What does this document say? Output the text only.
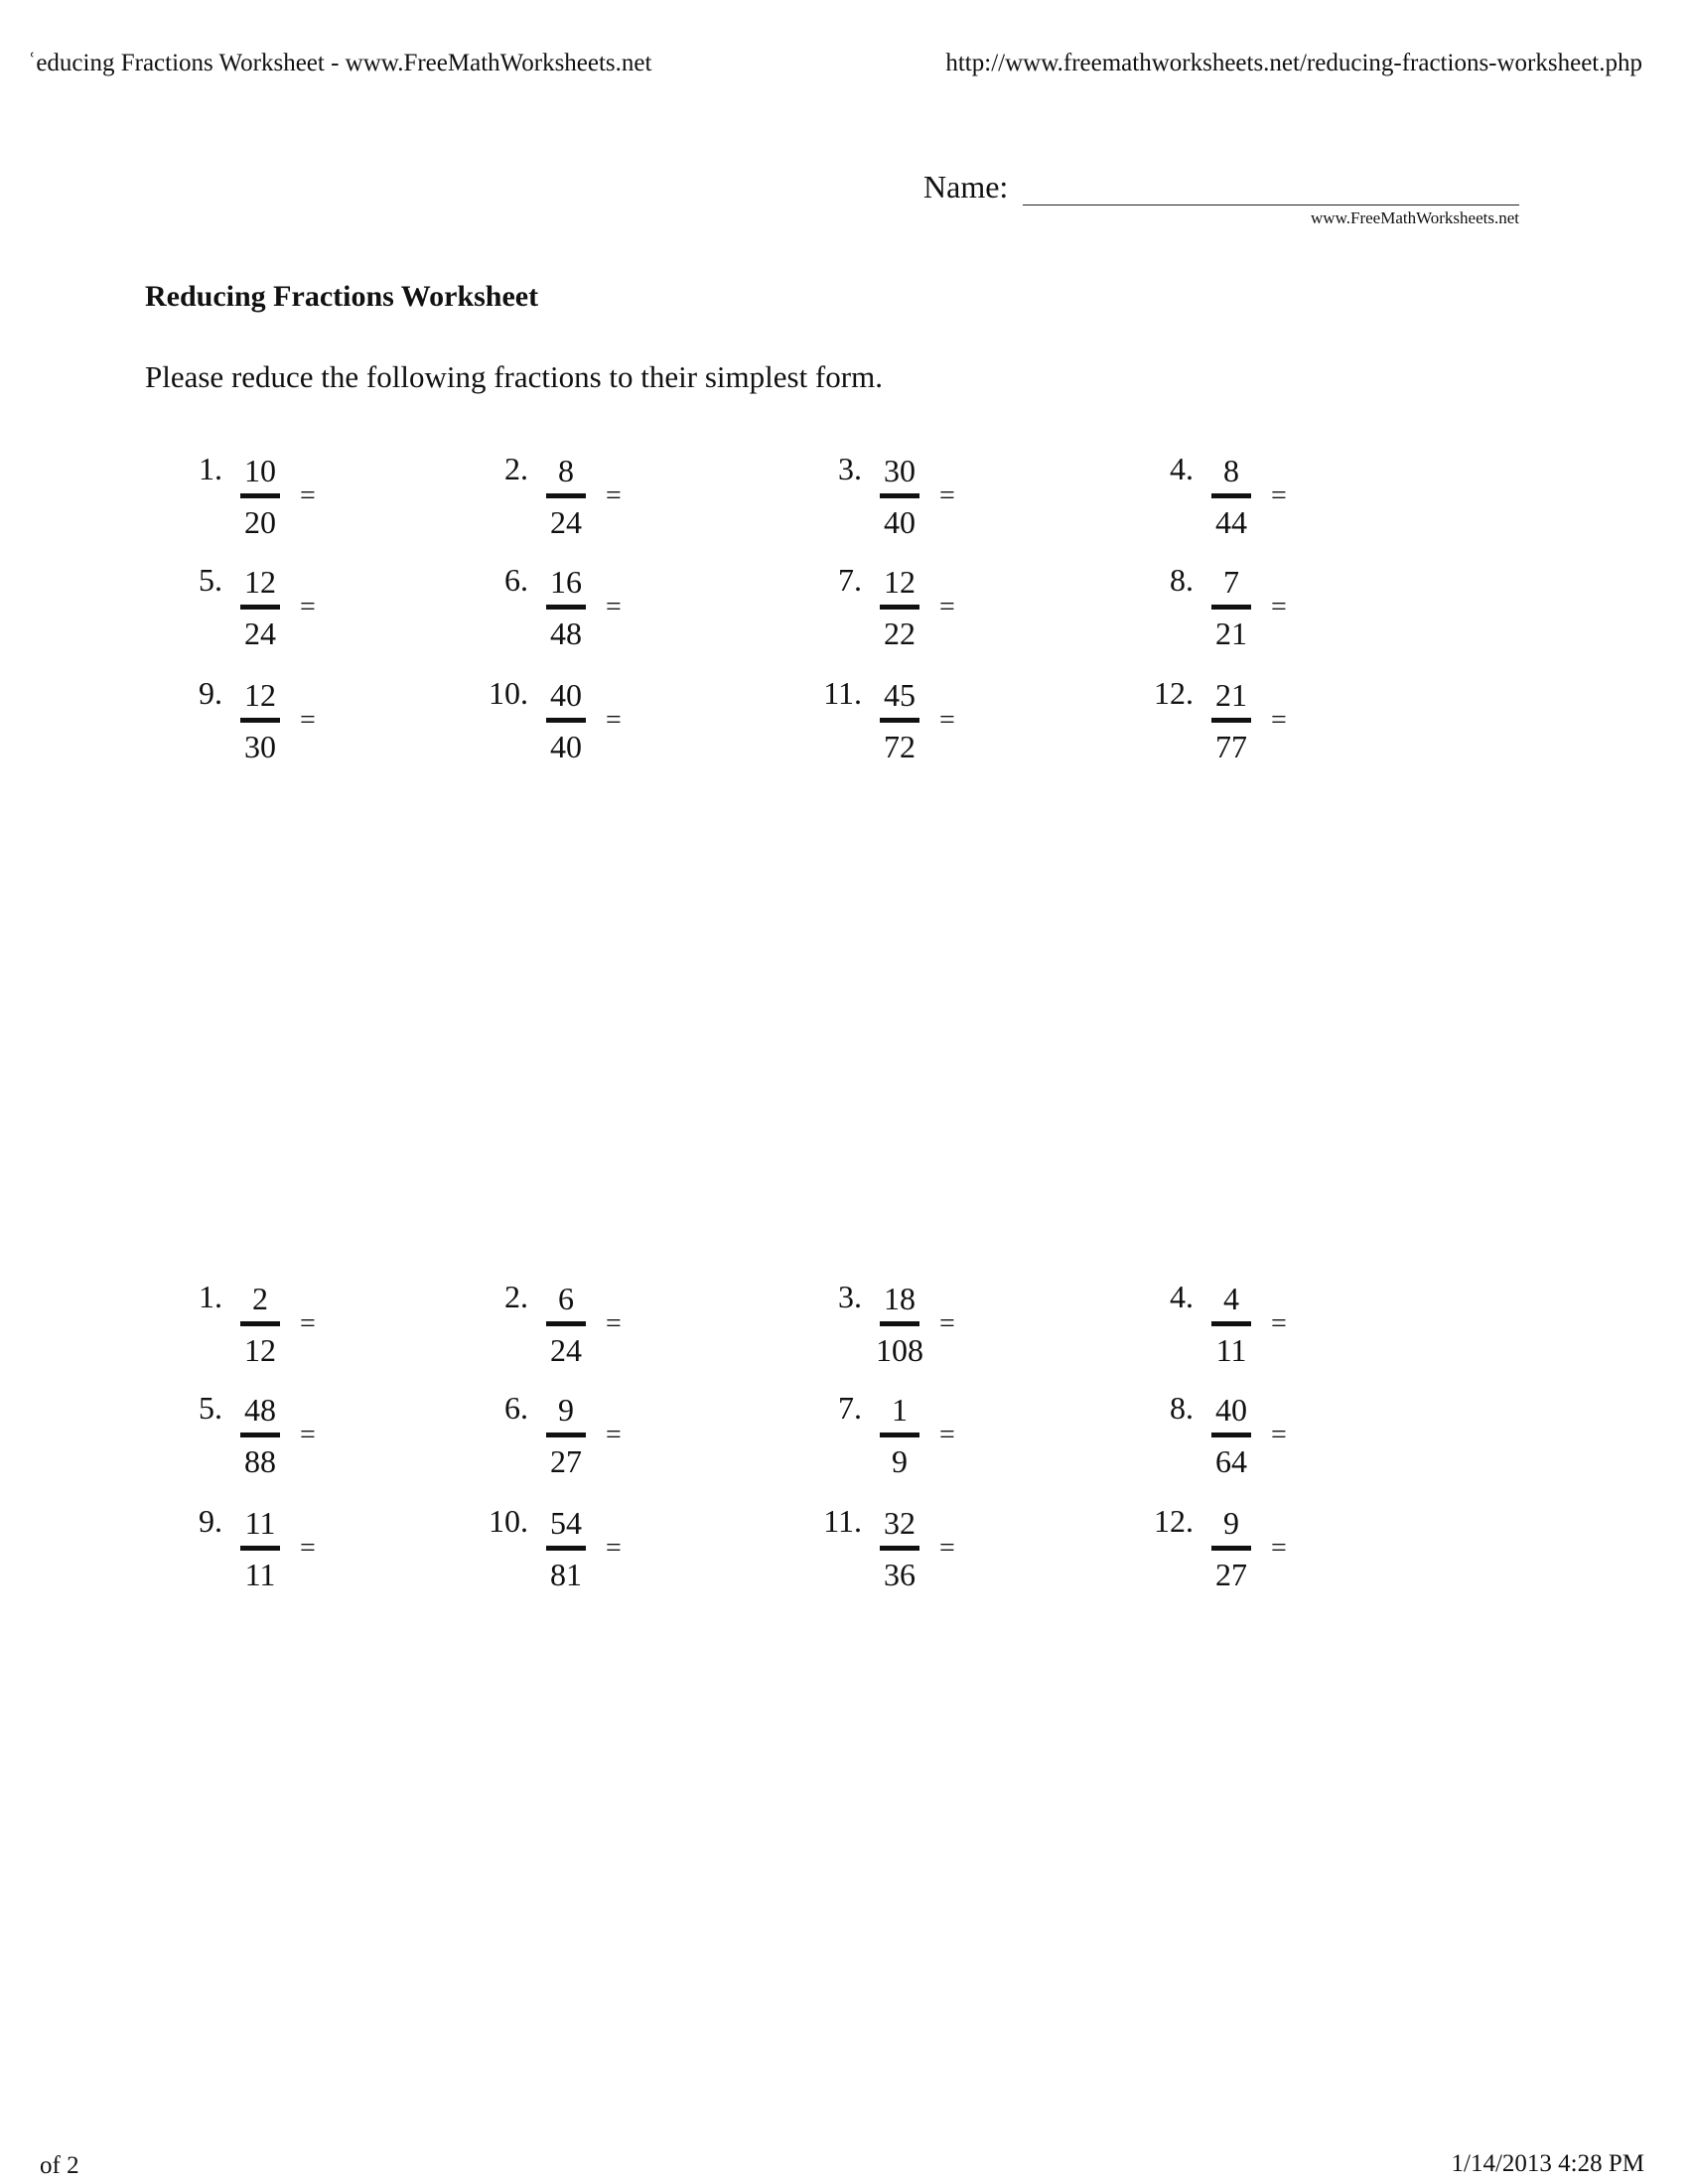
ʿeducing Fractions Worksheet - www.FreeMathWorksheets.net	http://www.freemathworksheets.net/reducing-fractions-worksheet.php
Name:
www.FreeMathWorksheets.net
Reducing Fractions Worksheet
Please reduce the following fractions to their simplest form.
1. 10
20
=
2. 8
24
=
3. 30
40
=
4. 8
44
=
5. 12
24
=
6. 16
48
=
7. 12
22
=
8. 7
21
=
9. 12
30
=
10. 40
40
=
11. 45
72
=
12. 21
77
=
1. 2
12
=
2. 6
24
=
3. 18
108
=
4. 4
11
=
5. 48
88
=
6. 9
27
=
7. 1
9
=
8. 40
64
=
9. 11
11
=
10. 54
81
=
11. 32
36
=
12. 9
27
=
of 2	1/14/2013 4:28 PM
